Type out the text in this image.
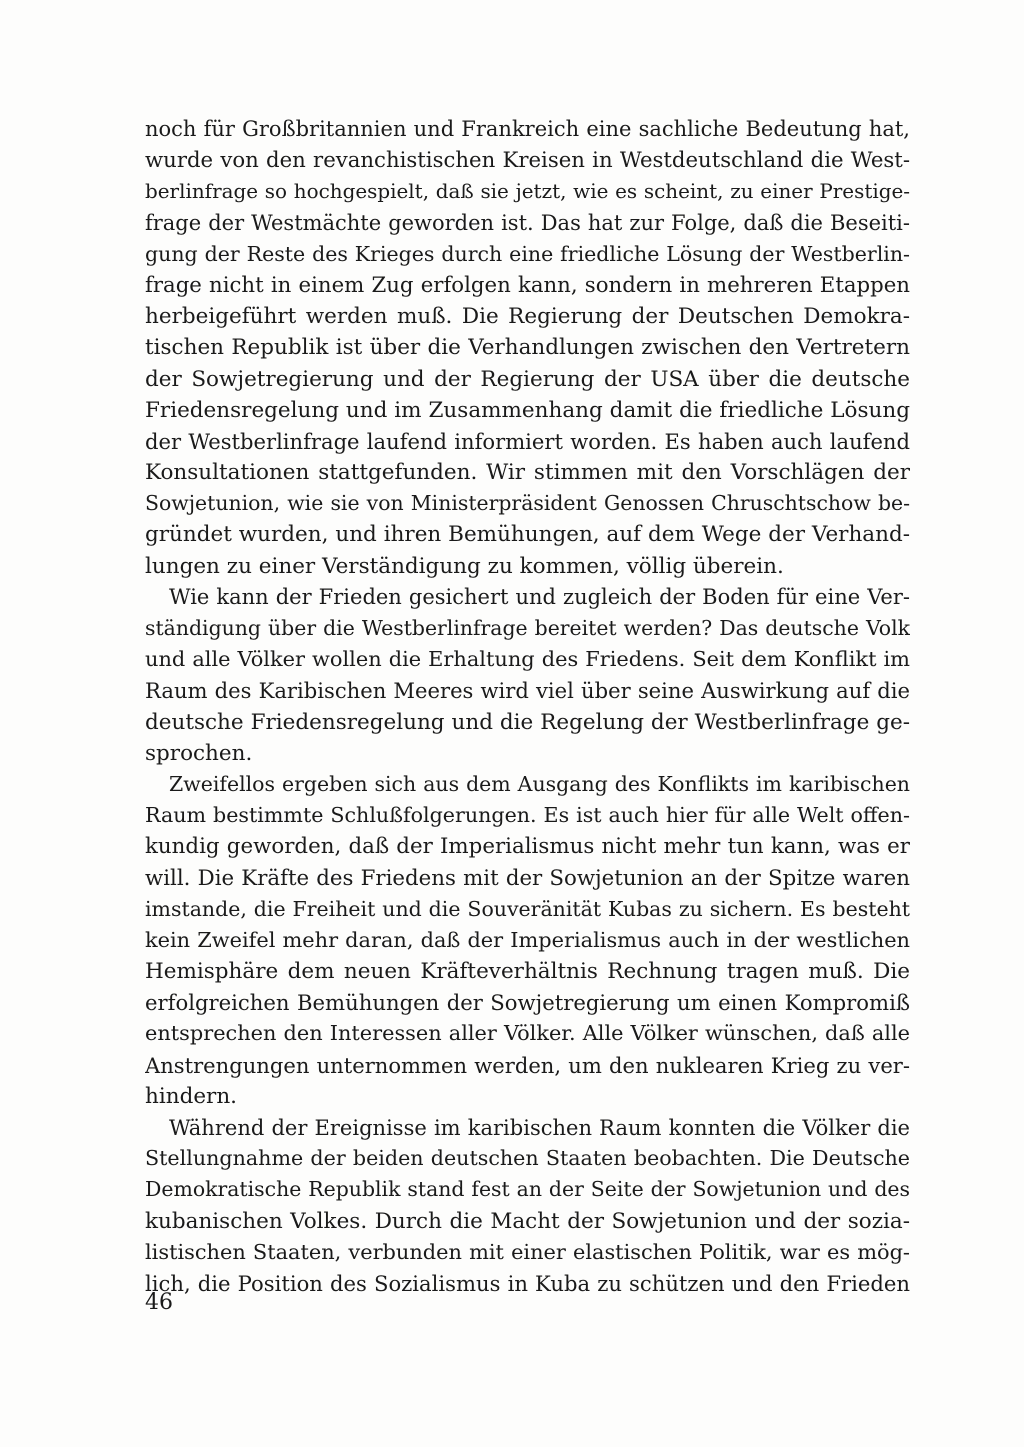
noch für Großbritannien und Frankreich eine sachliche Bedeutung hat,
wurde von den revanchistischen Kreisen in Westdeutschland die West-
berlinfrage so hochgespielt, daß sie jetzt, wie es scheint, zu einer Prestige-
frage der Westmächte geworden ist. Das hat zur Folge, daß die Beseiti-
gung der Reste des Krieges durch eine friedliche Lösung der Westberlin-
frage nicht in einem Zug erfolgen kann, sondern in mehreren Etappen
herbeigeführt werden muß. Die Regierung der Deutschen Demokra-
tischen Republik ist über die Verhandlungen zwischen den Vertretern
der Sowjetregierung und der Regierung der USA über die deutsche
Friedensregelung und im Zusammenhang damit die friedliche Lösung
der Westberlinfrage laufend informiert worden. Es haben auch laufend
Konsultationen stattgefunden. Wir stimmen mit den Vorschlägen der
Sowjetunion, wie sie von Ministerpräsident Genossen Chruschtschow be-
gründet wurden, und ihren Bemühungen, auf dem Wege der Verhand-
lungen zu einer Verständigung zu kommen, völlig überein.
Wie kann der Frieden gesichert und zugleich der Boden für eine Ver-
ständigung über die Westberlinfrage bereitet werden? Das deutsche Volk
und alle Völker wollen die Erhaltung des Friedens. Seit dem Konflikt im
Raum des Karibischen Meeres wird viel über seine Auswirkung auf die
deutsche Friedensregelung und die Regelung der Westberlinfrage ge-
sprochen.
Zweifellos ergeben sich aus dem Ausgang des Konflikts im karibischen
Raum bestimmte Schlußfolgerungen. Es ist auch hier für alle Welt offen-
kundig geworden, daß der Imperialismus nicht mehr tun kann, was er
will. Die Kräfte des Friedens mit der Sowjetunion an der Spitze waren
imstande, die Freiheit und die Souveränität Kubas zu sichern. Es besteht
kein Zweifel mehr daran, daß der Imperialismus auch in der westlichen
Hemisphäre dem neuen Kräfteverhältnis Rechnung tragen muß. Die
erfolgreichen Bemühungen der Sowjetregierung um einen Kompromiß
entsprechen den Interessen aller Völker. Alle Völker wünschen, daß alle
Anstrengungen unternommen werden, um den nuklearen Krieg zu ver-
hindern.
Während der Ereignisse im karibischen Raum konnten die Völker die
Stellungnahme der beiden deutschen Staaten beobachten. Die Deutsche
Demokratische Republik stand fest an der Seite der Sowjetunion und des
kubanischen Volkes. Durch die Macht der Sowjetunion und der sozia-
listischen Staaten, verbunden mit einer elastischen Politik, war es mög-
lich, die Position des Sozialismus in Kuba zu schützen und den Frieden
46
